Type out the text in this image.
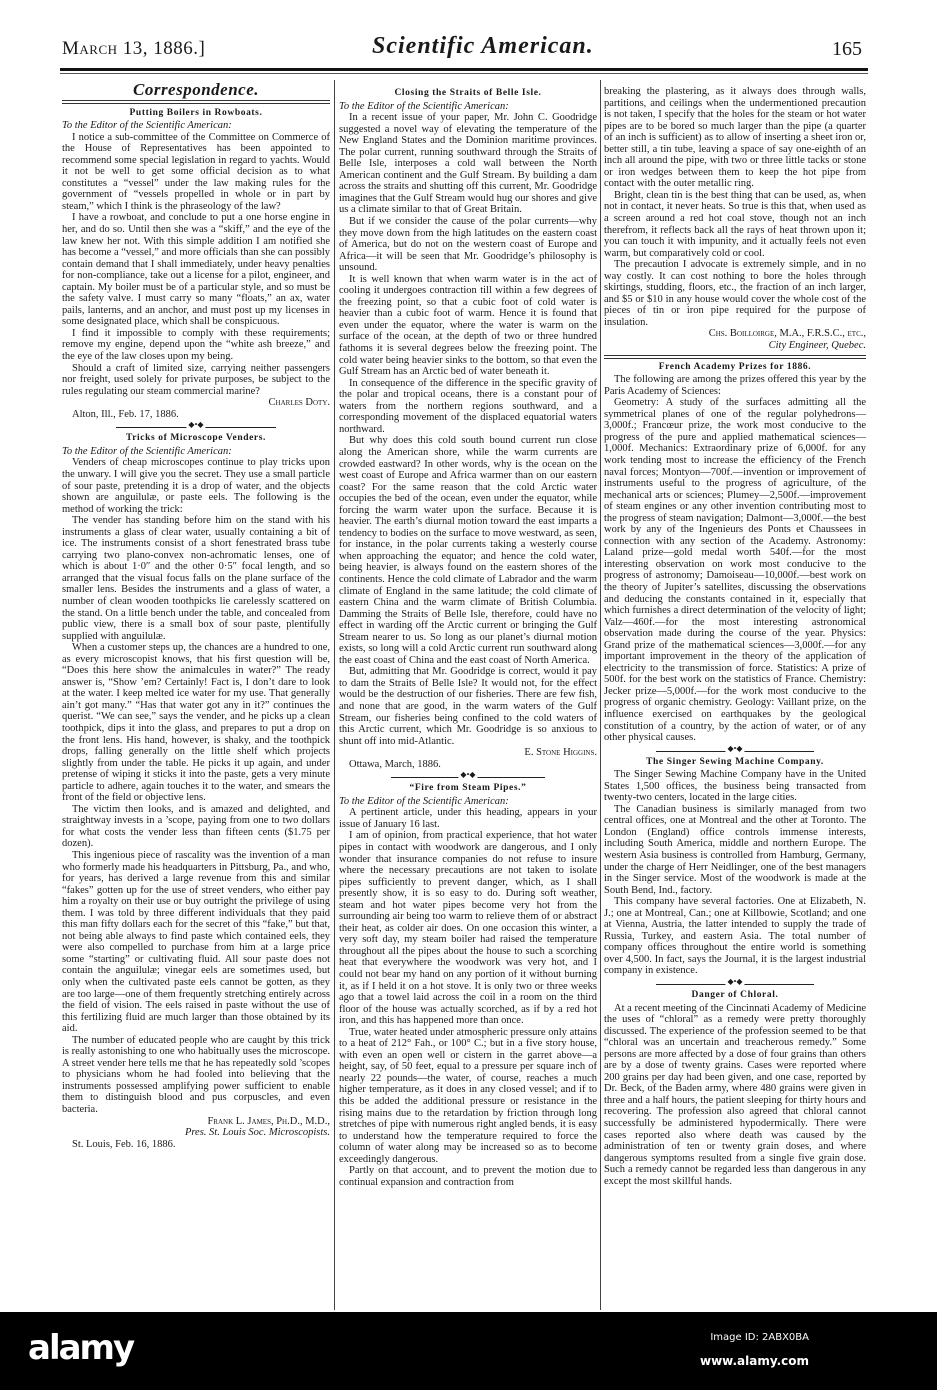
March 13, 1886.]	Scientific American.	165
Correspondence.
Putting Boilers in Rowboats.
To the Editor of the Scientific American:

I notice a sub-committee of the Committee on Commerce of the House of Representatives has been appointed to recommend some special legislation in regard to yachts. Would it not be well to get some official decision as to what constitutes a “vessel” under the law making rules for the government of “vessels propelled in whole or in part by steam,” which I think is the phraseology of the law?

I have a rowboat, and conclude to put a one horse engine in her, and do so. Until then she was a “skiff,” and the eye of the law knew her not. With this simple addition I am notified she has become a “vessel,” and more officials than she can possibly contain demand that I shall immediately, under heavy penalties for non-compliance, take out a license for a pilot, engineer, and captain. My boiler must be of a particular style, and so must be the safety valve. I must carry so many “floats,” an ax, water pails, lanterns, and an anchor, and must post up my licenses in some designated place, which shall be conspicuous.

I find it impossible to comply with these requirements; remove my engine, depend upon the “white ash breeze,” and the eye of the law closes upon my being.

Should a craft of limited size, carrying neither passengers nor freight, used solely for private purposes, be subject to the rules regulating our steam commercial marine?

Charles Doty.
Alton, Ill., Feb. 17, 1886.
◆•◆
Tricks of Microscope Venders.
To the Editor of the Scientific American:

Venders of cheap microscopes continue to play tricks upon the unwary. I will give you the secret. They use a small particle of sour paste, pretending it is a drop of water, and the objects shown are anguilulæ, or paste eels. The following is the method of working the trick:

The vender has standing before him on the stand with his instruments a glass of clear water, usually containing a bit of ice. The instruments consist of a short fenestrated brass tube carrying two plano-convex non-achromatic lenses, one of which is about 1·0″ and the other 0·5″ focal length, and so arranged that the visual focus falls on the plane surface of the smaller lens. Besides the instruments and a glass of water, a number of clean wooden toothpicks lie carelessly scattered on the stand. On a little bench under the table, and concealed from public view, there is a small box of sour paste, plentifully supplied with anguilulæ.

When a customer steps up, the chances are a hundred to one, as every microscopist knows, that his first question will be, “Does this here show the animalcules in water?” The ready answer is, “Show ’em? Certainly! Fact is, I don’t dare to look at the water. I keep melted ice water for my use. That generally ain’t got many.” “Has that water got any in it?” continues the querist. “We can see,” says the vender, and he picks up a clean toothpick, dips it into the glass, and prepares to put a drop on the front lens. His hand, however, is shaky, and the toothpick drops, falling generally on the little shelf which projects slightly from under the table. He picks it up again, and under pretense of wiping it sticks it into the paste, gets a very minute particle to adhere, again touches it to the water, and smears the front of the field or objective lens.

The victim then looks, and is amazed and delighted, and straightway invests in a ’scope, paying from one to two dollars for what costs the vender less than fifteen cents ($1.75 per dozen).

This ingenious piece of rascality was the invention of a man who formerly made his headquarters in Pittsburg, Pa., and who, for years, has derived a large revenue from this and similar “fakes” gotten up for the use of street venders, who either pay him a royalty on their use or buy outright the privilege of using them. I was told by three different individuals that they paid this man fifty dollars each for the secret of this “fake,” but that, not being able always to find paste which contained eels, they were also compelled to purchase from him at a large price some “starting” or cultivating fluid. All sour paste does not contain the anguilulæ; vinegar eels are sometimes used, but only when the cultivated paste eels cannot be gotten, as they are too large—one of them frequently stretching entirely across the field of vision. The eels raised in paste without the use of this fertilizing fluid are much larger than those obtained by its aid.

The number of educated people who are caught by this trick is really astonishing to one who habitually uses the microscope. A street vender here tells me that he has repeatedly sold ’scopes to physicians whom he had fooled into believing that the instruments possessed amplifying power sufficient to enable them to distinguish blood and pus corpuscles, and even bacteria.

Frank L. James, Ph.D., M.D.,
Pres. St. Louis Soc. Microscopists.
St. Louis, Feb. 16, 1886.
Closing the Straits of Belle Isle.
To the Editor of the Scientific American:

In a recent issue of your paper, Mr. John C. Goodridge suggested a novel way of elevating the temperature of the New England States and the Dominion maritime provinces. The polar current, running southward through the Straits of Belle Isle, interposes a cold wall between the North American continent and the Gulf Stream. By building a dam across the straits and shutting off this current, Mr. Goodridge imagines that the Gulf Stream would hug our shores and give us a climate similar to that of Great Britain.

But if we consider the cause of the polar currents—why they move down from the high latitudes on the eastern coast of America, but do not on the western coast of Europe and Africa—it will be seen that Mr. Goodridge’s philosophy is unsound.

It is well known that when warm water is in the act of cooling it undergoes contraction till within a few degrees of the freezing point, so that a cubic foot of cold water is heavier than a cubic foot of warm. Hence it is found that even under the equator, where the water is warm on the surface of the ocean, at the depth of two or three hundred fathoms it is several degrees below the freezing point. The cold water being heavier sinks to the bottom, so that even the Gulf Stream has an Arctic bed of water beneath it.

In consequence of the difference in the specific gravity of the polar and tropical oceans, there is a constant pour of waters from the northern regions southward, and a corresponding movement of the displaced equatorial waters northward.

But why does this cold south bound current run close along the American shore, while the warm currents are crowded eastward? In other words, why is the ocean on the west coast of Europe and Africa warmer than on our eastern coast? For the same reason that the cold Arctic water occupies the bed of the ocean, even under the equator, while forcing the warm water upon the surface. Because it is heavier. The earth’s diurnal motion toward the east imparts a tendency to bodies on the surface to move westward, as seen, for instance, in the polar currents taking a westerly course when approaching the equator; and hence the cold water, being heavier, is always found on the eastern shores of the continents. Hence the cold climate of Labrador and the warm climate of England in the same latitude; the cold climate of eastern China and the warm climate of British Columbia. Damming the Straits of Belle Isle, therefore, could have no effect in warding off the Arctic current or bringing the Gulf Stream nearer to us. So long as our planet’s diurnal motion exists, so long will a cold Arctic current run southward along the east coast of China and the east coast of North America.

But, admitting that Mr. Goodridge is correct, would it pay to dam the Straits of Belle Isle? It would not, for the effect would be the destruction of our fisheries. There are few fish, and none that are good, in the warm waters of the Gulf Stream, our fisheries being confined to the cold waters of this Arctic current, which Mr. Goodridge is so anxious to shunt off into mid-Atlantic.

E. Stone Higgins.
Ottawa, March, 1886.
◆•◆
“Fire from Steam Pipes.”
To the Editor of the Scientific American:

A pertinent article, under this heading, appears in your issue of January 16 last.

I am of opinion, from practical experience, that hot water pipes in contact with woodwork are dangerous, and I only wonder that insurance companies do not refuse to insure where the necessary precautions are not taken to isolate pipes sufficiently to prevent danger, which, as I shall presently show, it is so easy to do. During soft weather, steam and hot water pipes become very hot from the surrounding air being too warm to relieve them of or abstract their heat, as colder air does. On one occasion this winter, a very soft day, my steam boiler had raised the temperature throughout all the pipes about the house to such a scorching heat that everywhere the woodwork was very hot, and I could not bear my hand on any portion of it without burning it, as if I held it on a hot stove. It is only two or three weeks ago that a towel laid across the coil in a room on the third floor of the house was actually scorched, as if by a red hot iron, and this has happened more than once.

True, water heated under atmospheric pressure only attains to a heat of 212° Fah., or 100° C.; but in a five story house, with even an open well or cistern in the garret above—a height, say, of 50 feet, equal to a pressure per square inch of nearly 22 pounds—the water, of course, reaches a much higher temperature, as it does in any closed vessel; and if to this be added the additional pressure or resistance in the rising mains due to the retardation by friction through long stretches of pipe with numerous right angled bends, it is easy to understand how the temperature required to force the column of water along may be increased so as to become exceedingly dangerous.

Partly on that account, and to prevent the motion due to continual expansion and contraction from

breaking the plastering, as it always does through walls, partitions, and ceilings when the undermentioned precaution is not taken, I specify that the holes for the steam or hot water pipes are to be bored so much larger than the pipe (a quarter of an inch is sufficient) as to allow of inserting a sheet iron or, better still, a tin tube, leaving a space of say one-eighth of an inch all around the pipe, with two or three little tacks or stone or iron wedges between them to keep the hot pipe from contact with the outer metallic ring.

Bright, clean tin is the best thing that can be used, as, when not in contact, it never heats. So true is this that, when used as a screen around a red hot coal stove, though not an inch therefrom, it reflects back all the rays of heat thrown upon it; you can touch it with impunity, and it actually feels not even warm, but comparatively cold or cool.

The precaution I advocate is extremely simple, and in no way costly. It can cost nothing to bore the holes through skirtings, studding, floors, etc., the fraction of an inch larger, and $5 or $10 in any house would cover the whole cost of the pieces of tin or iron pipe required for the purpose of insulation.

Chs. Boilloirge, M.A., F.R.S.C., etc.,
City Engineer, Quebec.
French Academy Prizes for 1886.

The following are among the prizes offered this year by the Paris Academy of Sciences:

Geometry: A study of the surfaces admitting all the symmetrical planes of one of the regular polyhedrons—3,000f.; Francœur prize, the work most conducive to the progress of the pure and applied mathematical sciences—1,000f. Mechanics: Extraordinary prize of 6,000f. for any work tending most to increase the efficiency of the French naval forces; Montyon—700f.—invention or improvement of instruments useful to the progress of agriculture, of the mechanical arts or sciences; Plumey—2,500f.—improvement of steam engines or any other invention contributing most to the progress of steam navigation; Dalmont—3,000f.—the best work by any of the Ingenieurs des Ponts et Chaussees in connection with any section of the Academy. Astronomy: Laland prize—gold medal worth 540f.—for the most interesting observation on work most conducive to the progress of astronomy; Damoiseau—10,000f.—best work on the theory of Jupiter’s satellites, discussing the observations and deducing the constants contained in it, especially that which furnishes a direct determination of the velocity of light; Valz—460f.—for the most interesting astronomical observation made during the course of the year. Physics: Grand prize of the mathematical sciences—3,000f.—for any important improvement in the theory of the application of electricity to the transmission of force. Statistics: A prize of 500f. for the best work on the statistics of France. Chemistry: Jecker prize—5,000f.—for the work most conducive to the progress of organic chemistry. Geology: Vaillant prize, on the influence exercised on earthquakes by the geological constitution of a country, by the action of water, or of any other physical causes.

◆•◆
The Singer Sewing Machine Company.

The Singer Sewing Machine Company have in the United States 1,500 offices, the business being transacted from twenty-two centers, located in the large cities.

The Canadian business is similarly managed from two central offices, one at Montreal and the other at Toronto. The London (England) office controls immense interests, including South America, middle and northern Europe. The western Asia business is controlled from Hamburg, Germany, under the charge of Herr Neidlinger, one of the best managers in the Singer service. Most of the woodwork is made at the South Bend, Ind., factory.

This company have several factories. One at Elizabeth, N. J.; one at Montreal, Can.; one at Killbowie, Scotland; and one at Vienna, Austria, the latter intended to supply the trade of Russia, Turkey, and eastern Asia. The total number of company offices throughout the entire world is something over 4,500. In fact, says the Journal, it is the largest industrial company in existence.

◆•◆
Danger of Chloral.

At a recent meeting of the Cincinnati Academy of Medicine the uses of “chloral” as a remedy were pretty thoroughly discussed. The experience of the profession seemed to be that “chloral was an uncertain and treacherous remedy.” Some persons are more affected by a dose of four grains than others are by a dose of twenty grains. Cases were reported where 200 grains per day had been given, and one case, reported by Dr. Beck, of the Baden army, where 480 grains were given in three and a half hours, the patient sleeping for thirty hours and recovering. The profession also agreed that chloral cannot successfully be administered hypodermically. There were cases reported also where death was caused by the administration of ten or twenty grain doses, and where dangerous symptoms resulted from a single five grain dose. Such a remedy cannot be regarded less than dangerous in any except the most skillful hands.

alamy	Image ID: 2ABX0BA
www.alamy.com
